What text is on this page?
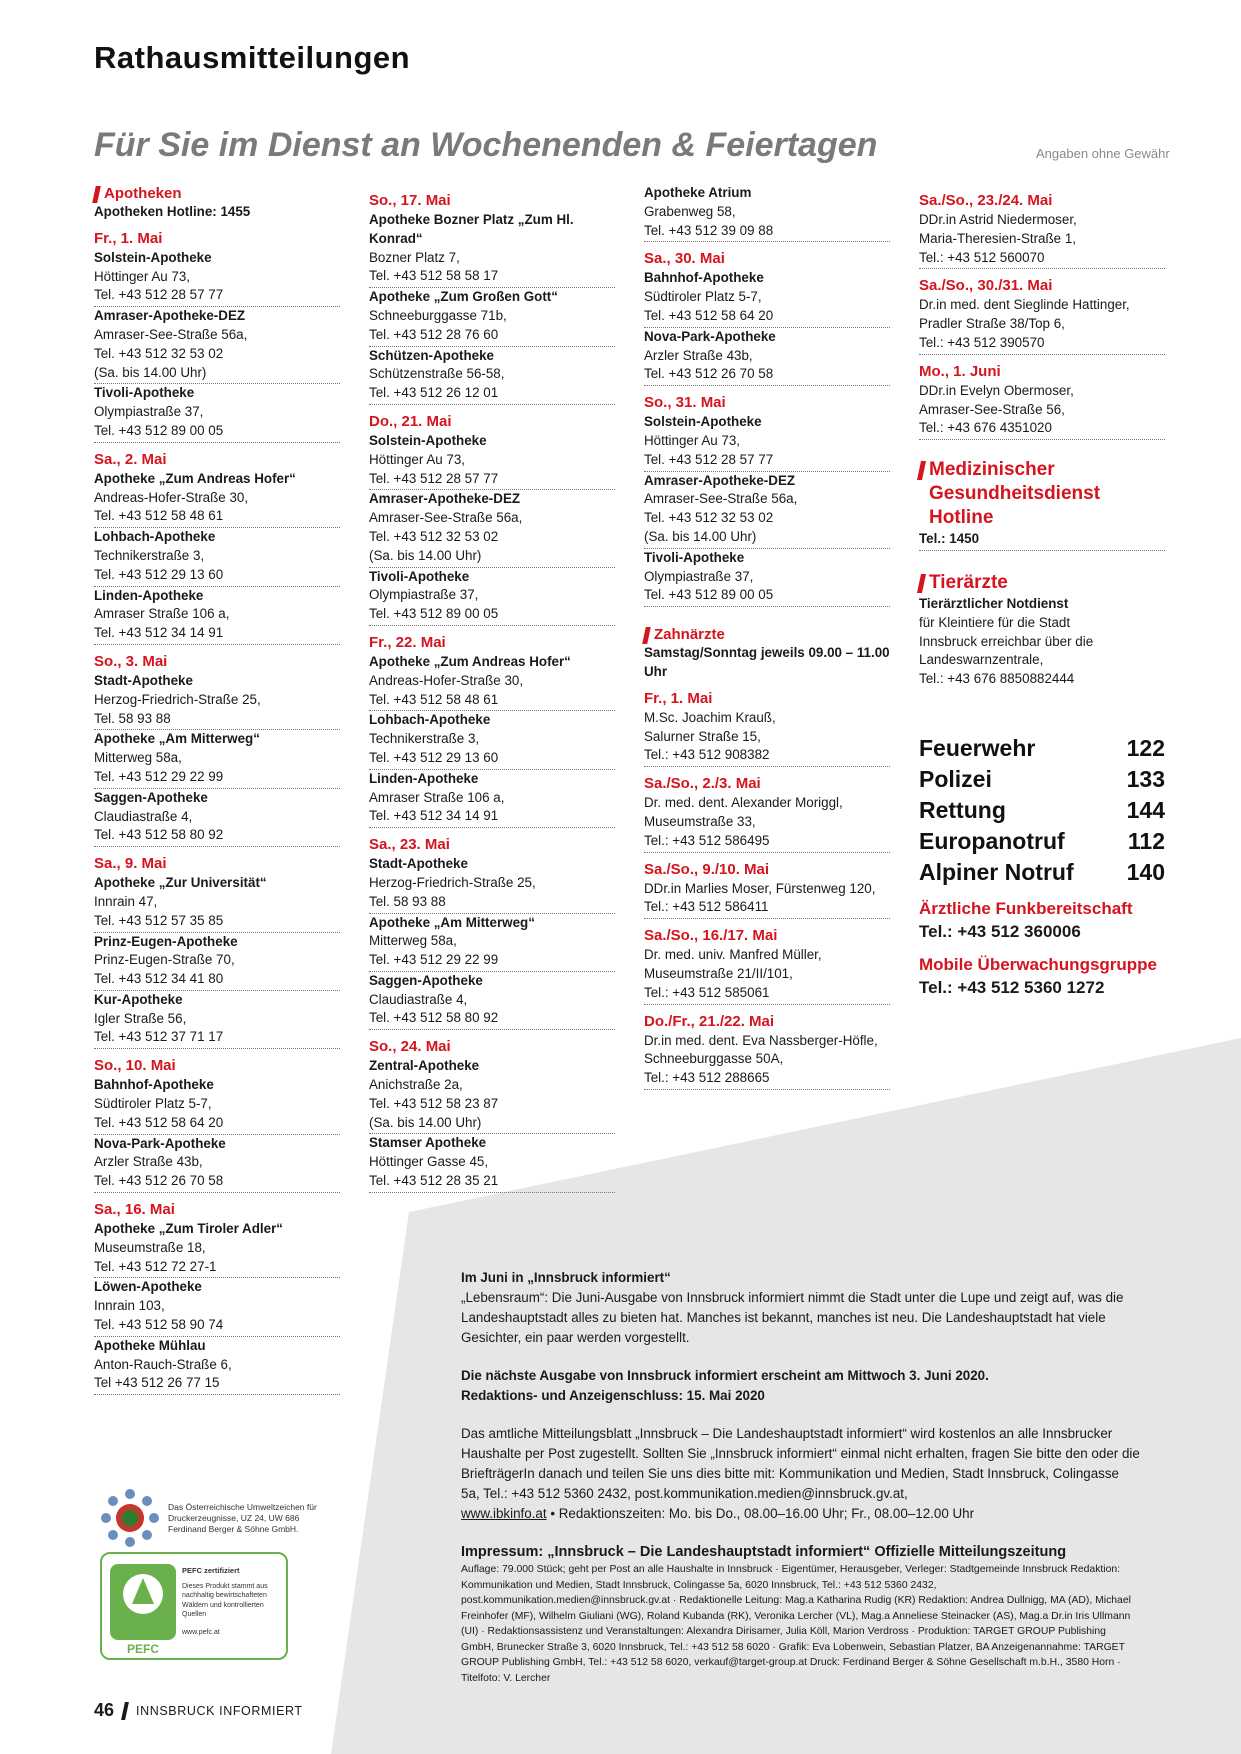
Rathausmitteilungen

Für Sie im Dienst an Wochenenden & Feiertagen	Angaben ohne Gewähr
Apotheken
Apotheken Hotline: 1455
Fr., 1. Mai
Solstein-Apotheke
Höttinger Au 73,
Tel. +43 512 28 57 77
Amraser-Apotheke-DEZ
Amraser-See-Straße 56a,
Tel. +43 512 32 53 02
(Sa. bis 14.00 Uhr)
Tivoli-Apotheke
Olympiastraße 37,
Tel. +43 512 89 00 05
Sa., 2. Mai
Apotheke „Zum Andreas Hofer“
Andreas-Hofer-Straße 30,
Tel. +43 512 58 48 61
Lohbach-Apotheke
Technikerstraße 3,
Tel. +43 512 29 13 60
Linden-Apotheke
Amraser Straße 106 a,
Tel. +43 512 34 14 91
So., 3. Mai
Stadt-Apotheke
Herzog-Friedrich-Straße 25,
Tel. 58 93 88
Apotheke „Am Mitterweg“
Mitterweg 58a,
Tel. +43 512 29 22 99
Saggen-Apotheke
Claudiastraße 4,
Tel. +43 512 58 80 92
Sa., 9. Mai
Apotheke „Zur Universität“
Innrain 47,
Tel. +43 512 57 35 85
Prinz-Eugen-Apotheke
Prinz-Eugen-Straße 70,
Tel. +43 512 34 41 80
Kur-Apotheke
Igler Straße 56,
Tel. +43 512 37 71 17
So., 10. Mai
Bahnhof-Apotheke
Südtiroler Platz 5-7,
Tel. +43 512 58 64 20
Nova-Park-Apotheke
Arzler Straße 43b,
Tel. +43 512 26 70 58
Sa., 16. Mai
Apotheke „Zum Tiroler Adler“
Museumstraße 18,
Tel. +43 512 72 27-1
Löwen-Apotheke
Innrain 103,
Tel. +43 512 58 90 74
Apotheke Mühlau
Anton-Rauch-Straße 6,
Tel +43 512 26 77 15
So., 17. Mai
Apotheke Bozner Platz „Zum Hl. Konrad“
Bozner Platz 7,
Tel. +43 512 58 58 17
Apotheke „Zum Großen Gott“
Schneeburggasse 71b,
Tel. +43 512 28 76 60
Schützen-Apotheke
Schützenstraße 56-58,
Tel. +43 512 26 12 01
Do., 21. Mai
Solstein-Apotheke
Höttinger Au 73,
Tel. +43 512 28 57 77
Amraser-Apotheke-DEZ
Amraser-See-Straße 56a,
Tel. +43 512 32 53 02
(Sa. bis 14.00 Uhr)
Tivoli-Apotheke
Olympiastraße 37,
Tel. +43 512 89 00 05
Fr., 22. Mai
Apotheke „Zum Andreas Hofer“
Andreas-Hofer-Straße 30,
Tel. +43 512 58 48 61
Lohbach-Apotheke
Technikerstraße 3,
Tel. +43 512 29 13 60
Linden-Apotheke
Amraser Straße 106 a,
Tel. +43 512 34 14 91
Sa., 23. Mai
Stadt-Apotheke
Herzog-Friedrich-Straße 25,
Tel. 58 93 88
Apotheke „Am Mitterweg“
Mitterweg 58a,
Tel. +43 512 29 22 99
Saggen-Apotheke
Claudiastraße 4,
Tel. +43 512 58 80 92
So., 24. Mai
Zentral-Apotheke
Anichstraße 2a,
Tel. +43 512 58 23 87
(Sa. bis 14.00 Uhr)
Stamser Apotheke
Höttinger Gasse 45,
Tel. +43 512 28 35 21
Apotheke Atrium
Grabenweg 58,
Tel. +43 512 39 09 88
Sa., 30. Mai
Bahnhof-Apotheke
Südtiroler Platz 5-7,
Tel. +43 512 58 64 20
Nova-Park-Apotheke
Arzler Straße 43b,
Tel. +43 512 26 70 58
So., 31. Mai
Solstein-Apotheke
Höttinger Au 73,
Tel. +43 512 28 57 77
Amraser-Apotheke-DEZ
Amraser-See-Straße 56a,
Tel. +43 512 32 53 02
(Sa. bis 14.00 Uhr)
Tivoli-Apotheke
Olympiastraße 37,
Tel. +43 512 89 00 05
Zahnärzte
Samstag/Sonntag jeweils 09.00 – 11.00 Uhr
Fr., 1. Mai
M.Sc. Joachim Krauß,
Salurner Straße 15,
Tel.: +43 512 908382
Sa./So., 2./3. Mai
Dr. med. dent. Alexander Moriggl,
Museumstraße 33,
Tel.: +43 512 586495
Sa./So., 9./10. Mai
DDr.in Marlies Moser, Fürstenweg 120,
Tel.: +43 512 586411
Sa./So., 16./17. Mai
Dr. med. univ. Manfred Müller,
Museumstraße 21/II/101,
Tel.: +43 512 585061
Do./Fr., 21./22. Mai
Dr.in med. dent. Eva Nassberger-Höfle,
Schneeburggasse 50A,
Tel.: +43 512 288665
Sa./So., 23./24. Mai
DDr.in Astrid Niedermoser,
Maria-Theresien-Straße 1,
Tel.: +43 512 560070
Sa./So., 30./31. Mai
Dr.in med. dent Sieglinde Hattinger,
Pradler Straße 38/Top 6,
Tel.: +43 512 390570
Mo., 1. Juni
DDr.in Evelyn Obermoser,
Amraser-See-Straße 56,
Tel.: +43 676 4351020
Medizinischer Gesundheitsdienst Hotline
Tel.: 1450
Tierärzte
Tierärztlicher Notdienst
für Kleintiere für die Stadt
Innsbruck erreichbar über die
Landeswarnzentrale,
Tel.: +43 676 8850882444
Feuerwehr	122
Polizei	133
Rettung	144
Europanotruf	112
Alpiner Notruf 140
Ärztliche Funkbereitschaft
Tel.: +43 512 360006
Mobile Überwachungsgruppe
Tel.: +43 512 5360 1272

Im Juni in „Innsbruck informiert“
„Lebensraum“: Die Juni-Ausgabe von Innsbruck informiert nimmt die Stadt unter die Lupe und zeigt auf, was die Landeshauptstadt alles zu bieten hat. Manches ist bekannt, manches ist neu. Die Landeshauptstadt hat viele Gesichter, ein paar werden vorgestellt.

Die nächste Ausgabe von Innsbruck informiert erscheint am Mittwoch 3. Juni 2020.
Redaktions- und Anzeigenschluss: 15. Mai 2020

Das amtliche Mitteilungsblatt „Innsbruck – Die Landeshauptstadt informiert“ wird kostenlos an alle Innsbrucker Haushalte per Post zugestellt. Sollten Sie „Innsbruck informiert“ einmal nicht erhalten, fragen Sie bitte den oder die BriefträgerIn danach und teilen Sie uns dies bitte mit: Kommunikation und Medien, Stadt Innsbruck, Colingasse 5a, Tel.: +43 512 5360 2432, post.kommunikation.medien@innsbruck.gv.at,
www.ibkinfo.at • Redaktionszeiten: Mo. bis Do., 08.00–16.00 Uhr; Fr., 08.00–12.00 Uhr

Impressum: „Innsbruck – Die Landeshauptstadt informiert“ Offizielle Mitteilungszeitung
Auflage: 79.000 Stück; geht per Post an alle Haushalte in Innsbruck · Eigentümer, Herausgeber, Verleger: Stadtgemeinde Innsbruck Redaktion: Kommunikation und Medien, Stadt Innsbruck, Colingasse 5a, 6020 Innsbruck, Tel.: +43 512 5360 2432, post.kommunikation.medien@innsbruck.gv.at · Redaktionelle Leitung: Mag.a Katharina Rudig (KR) Redaktion: Andrea Dullnigg, MA (AD), Michael Freinhofer (MF), Wilhelm Giuliani (WG), Roland Kubanda (RK), Veronika Lercher (VL), Mag.a Anneliese Steinacker (AS), Mag.a Dr.in Iris Ullmann (UI) · Redaktionsassistenz und Veranstaltungen: Alexandra Dirisamer, Julia Köll, Marion Verdross · Produktion: TARGET GROUP Publishing GmbH, Brunecker Straße 3, 6020 Innsbruck, Tel.: +43 512 58 6020 · Grafik: Eva Lobenwein, Sebastian Platzer, BA Anzeigenannahme: TARGET GROUP Publishing GmbH, Tel.: +43 512 58 6020, verkauf@target-group.at Druck: Ferdinand Berger & Söhne Gesellschaft m.b.H., 3580 Horn · Titelfoto: V. Lercher
Das Österreichische Umweltzeichen für Druckerzeugnisse, UZ 24, UW 686 Ferdinand Berger & Söhne GmbH.
PEFC
PEFC zertifiziert
Dieses Produkt stammt aus nachhaltig bewirtschafteten Wäldern und kontrollierten Quellen
www.pefc.at
46 INNSBRUCK INFORMIERT
